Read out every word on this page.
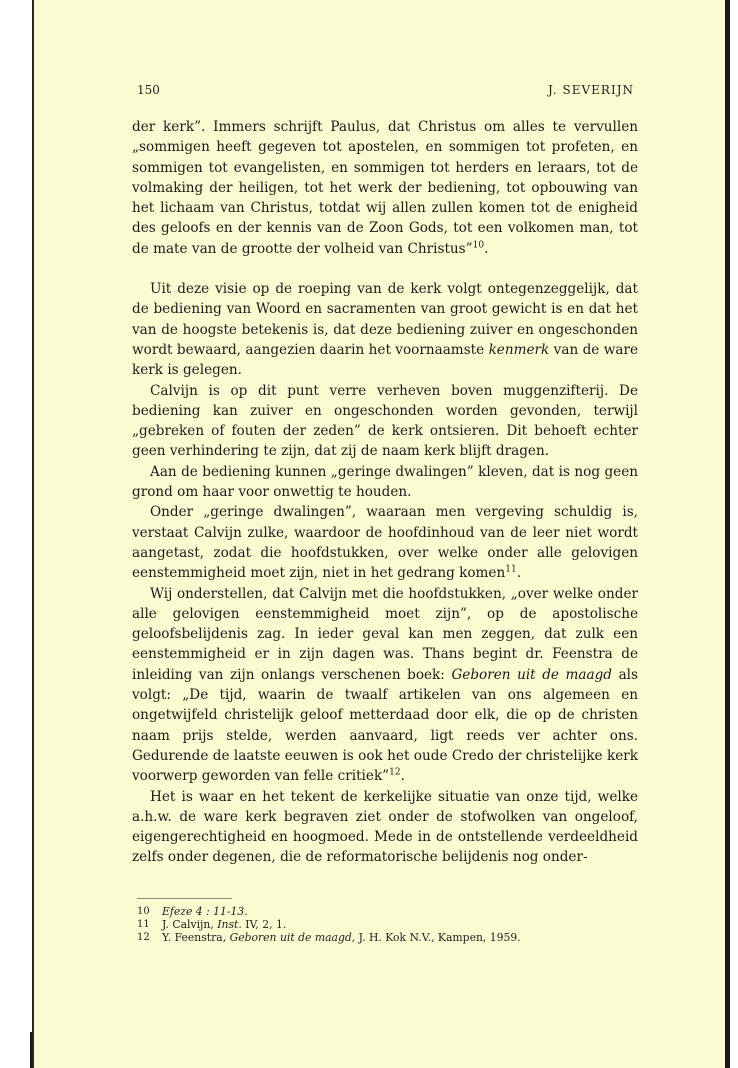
150	J. SEVERIJN

der kerk”. Immers schrijft Paulus, dat Christus om alles te vervullen „sommigen heeft gegeven tot apostelen, en sommigen tot profeten, en sommigen tot evangelisten, en sommigen tot herders en leraars, tot de volmaking der heiligen, tot het werk der bediening, tot opbouwing van het lichaam van Christus, totdat wij allen zullen komen tot de enigheid des geloofs en der kennis van de Zoon Gods, tot een volkomen man, tot de mate van de grootte der volheid van Christus”$^{10}$.

Uit deze visie op de roeping van de kerk volgt ontegenzeggelijk, dat de bediening van Woord en sacramenten van groot gewicht is en dat het van de hoogste betekenis is, dat deze bediening zuiver en ongeschonden wordt bewaard, aangezien daarin het voornaamste kenmerk van de ware kerk is gelegen.

Calvijn is op dit punt verre verheven boven muggenzifterij. De bediening kan zuiver en ongeschonden worden gevonden, terwijl „gebreken of fouten der zeden” de kerk ontsieren. Dit behoeft echter geen verhindering te zijn, dat zij de naam kerk blijft dragen.

Aan de bediening kunnen „geringe dwalingen” kleven, dat is nog geen grond om haar voor onwettig te houden.

Onder „geringe dwalingen”, waaraan men vergeving schuldig is, verstaat Calvijn zulke, waardoor de hoofdinhoud van de leer niet wordt aangetast, zodat die hoofdstukken, over welke onder alle gelovigen eenstemmigheid moet zijn, niet in het gedrang komen$^{11}$.

Wij onderstellen, dat Calvijn met die hoofdstukken, „over welke onder alle gelovigen eenstemmigheid moet zijn”, op de apostolische geloofsbelijdenis zag. In ieder geval kan men zeggen, dat zulk een eenstemmigheid er in zijn dagen was. Thans begint dr. Feenstra de inleiding van zijn onlangs verschenen boek: Geboren uit de maagd als volgt: „De tijd, waarin de twaalf artikelen van ons algemeen en ongetwijfeld christelijk geloof metterdaad door elk, die op de christen naam prijs stelde, werden aanvaard, ligt reeds ver achter ons. Gedurende de laatste eeuwen is ook het oude Credo der christelijke kerk voorwerp geworden van felle critiek”$^{12}$.

Het is waar en het tekent de kerkelijke situatie van onze tijd, welke a.h.w. de ware kerk begraven ziet onder de stofwolken van ongeloof, eigengerechtigheid en hoogmoed. Mede in de ontstellende verdeeldheid zelfs onder degenen, die de reformatorische belijdenis nog onder-

10	Efeze 4 : 11-13.
11	J. Calvijn, Inst. IV, 2, 1.
12	Y. Feenstra, Geboren uit de maagd, J. H. Kok N.V., Kampen, 1959.
